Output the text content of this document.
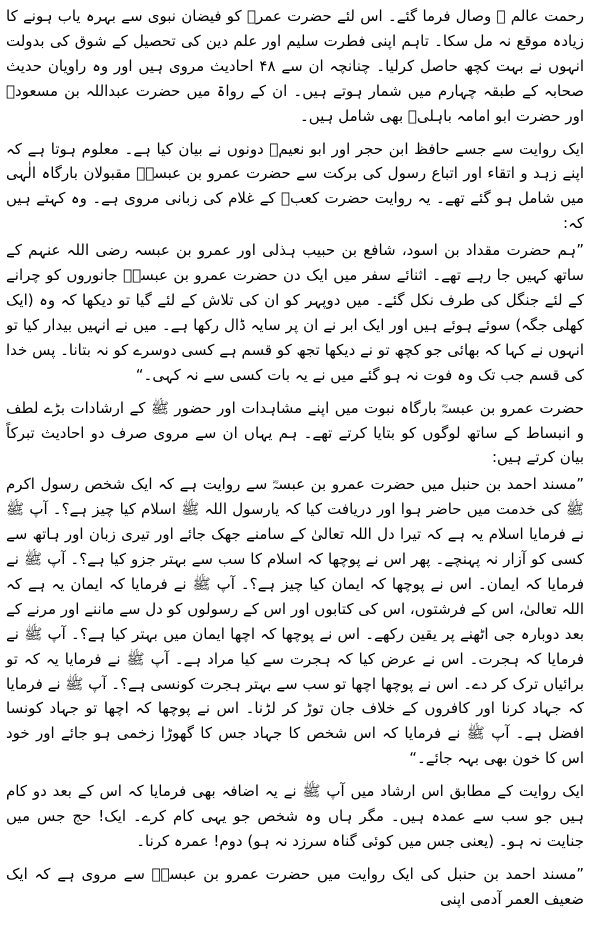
رحمت عالم ﷺ وصال فرما گئے۔ اس لئے حضرت عمرؓ کو فیضان نبوی سے بہرہ یاب ہونے کا زیادہ موقع نہ مل سکا۔ تاہم اپنی فطرت سلیم اور علم دین کی تحصیل کے شوق کی بدولت انہوں نے بہت کچھ حاصل کرلیا۔ چنانچہ ان سے ۴۸ احادیث مروی ہیں اور وہ راویان حدیث صحابہ کے طبقہ چہارم میں شمار ہوتے ہیں۔ ان کے رواۃ میں حضرت عبداللہ بن مسعودؓ اور حضرت ابو امامہ باہلیؓ بھی شامل ہیں۔

ایک روایت سے جسے حافظ ابن حجر اور ابو نعیمؒ دونوں نے بیان کیا ہے۔ معلوم ہوتا ہے کہ اپنے زہد و اتقاء اور اتباع رسول کی برکت سے حضرت عمرو بن عبسہؓ مقبولان بارگاہ الٰہی میں شامل ہو گئے تھے۔ یہ روایت حضرت کعبؓ کے غلام کی زبانی مروی ہے۔ وہ کہتے ہیں کہ:

”ہم حضرت مقداد بن اسود، شافع بن حبیب ہذلی اور عمرو بن عبسہ رضی اللہ عنہم کے ساتھ کہیں جا رہے تھے۔ اثنائے سفر میں ایک دن حضرت عمرو بن عبسہؓ جانوروں کو چرانے کے لئے جنگل کی طرف نکل گئے۔ میں دوپہر کو ان کی تلاش کے لئے گیا تو دیکھا کہ وہ (ایک کھلی جگہ) سوئے ہوئے ہیں اور ایک ابر نے ان پر سایہ ڈال رکھا ہے۔ میں نے انہیں بیدار کیا تو انہوں نے کہا کہ بھائی جو کچھ تو نے دیکھا تجھ کو قسم ہے کسی دوسرے کو نہ بتانا۔ پس خدا کی قسم جب تک وہ فوت نہ ہو گئے میں نے یہ بات کسی سے نہ کہی۔“

حضرت عمرو بن عبسہؓ بارگاہ نبوت میں اپنے مشاہدات اور حضور ﷺ کے ارشادات بڑے لطف و انبساط کے ساتھ لوگوں کو بتایا کرتے تھے۔ ہم یہاں ان سے مروی صرف دو احادیث تبرکاً بیان کرتے ہیں:

”مسند احمد بن حنبل میں حضرت عمرو بن عبسہؓ سے روایت ہے کہ ایک شخص رسول اکرم ﷺ کی خدمت میں حاضر ہوا اور دریافت کیا کہ یارسول اللہ ﷺ اسلام کیا چیز ہے؟۔ آپ ﷺ نے فرمایا اسلام یہ ہے کہ تیرا دل اللہ تعالیٰ کے سامنے جھک جائے اور تیری زبان اور ہاتھ سے کسی کو آزار نہ پہنچے۔ پھر اس نے پوچھا کہ اسلام کا سب سے بہتر جزو کیا ہے؟۔ آپ ﷺ نے فرمایا کہ ایمان۔ اس نے پوچھا کہ ایمان کیا چیز ہے؟۔ آپ ﷺ نے فرمایا کہ ایمان یہ ہے کہ اللہ تعالیٰ، اس کے فرشتوں، اس کی کتابوں اور اس کے رسولوں کو دل سے ماننے اور مرنے کے بعد دوبارہ جی اٹھنے پر یقین رکھے۔ اس نے پوچھا کہ اچھا ایمان میں بہتر کیا ہے؟۔ آپ ﷺ نے فرمایا کہ ہجرت۔ اس نے عرض کیا کہ ہجرت سے کیا مراد ہے۔ آپ ﷺ نے فرمایا یہ کہ تو برائیاں ترک کر دے۔ اس نے پوچھا اچھا تو سب سے بہتر ہجرت کونسی ہے؟۔ آپ ﷺ نے فرمایا کہ جہاد کرنا اور کافروں کے خلاف جان توڑ کر لڑنا۔ اس نے پوچھا کہ اچھا تو جہاد کونسا افضل ہے۔ آپ ﷺ نے فرمایا کہ اس شخص کا جہاد جس کا گھوڑا زخمی ہو جائے اور خود اس کا خون بھی بہہ جائے۔“

ایک روایت کے مطابق اس ارشاد میں آپ ﷺ نے یہ اضافہ بھی فرمایا کہ اس کے بعد دو کام ہیں جو سب سے عمدہ ہیں۔ مگر ہاں وہ شخص جو یہی کام کرے۔ ایک! حج جس میں جنایت نہ ہو۔ (یعنی جس میں کوئی گناہ سرزد نہ ہو) دوم! عمرہ کرنا۔

”مسند احمد بن حنبل کی ایک روایت میں حضرت عمرو بن عبسہؓ سے مروی ہے کہ ایک ضعیف العمر آدمی اپنی
